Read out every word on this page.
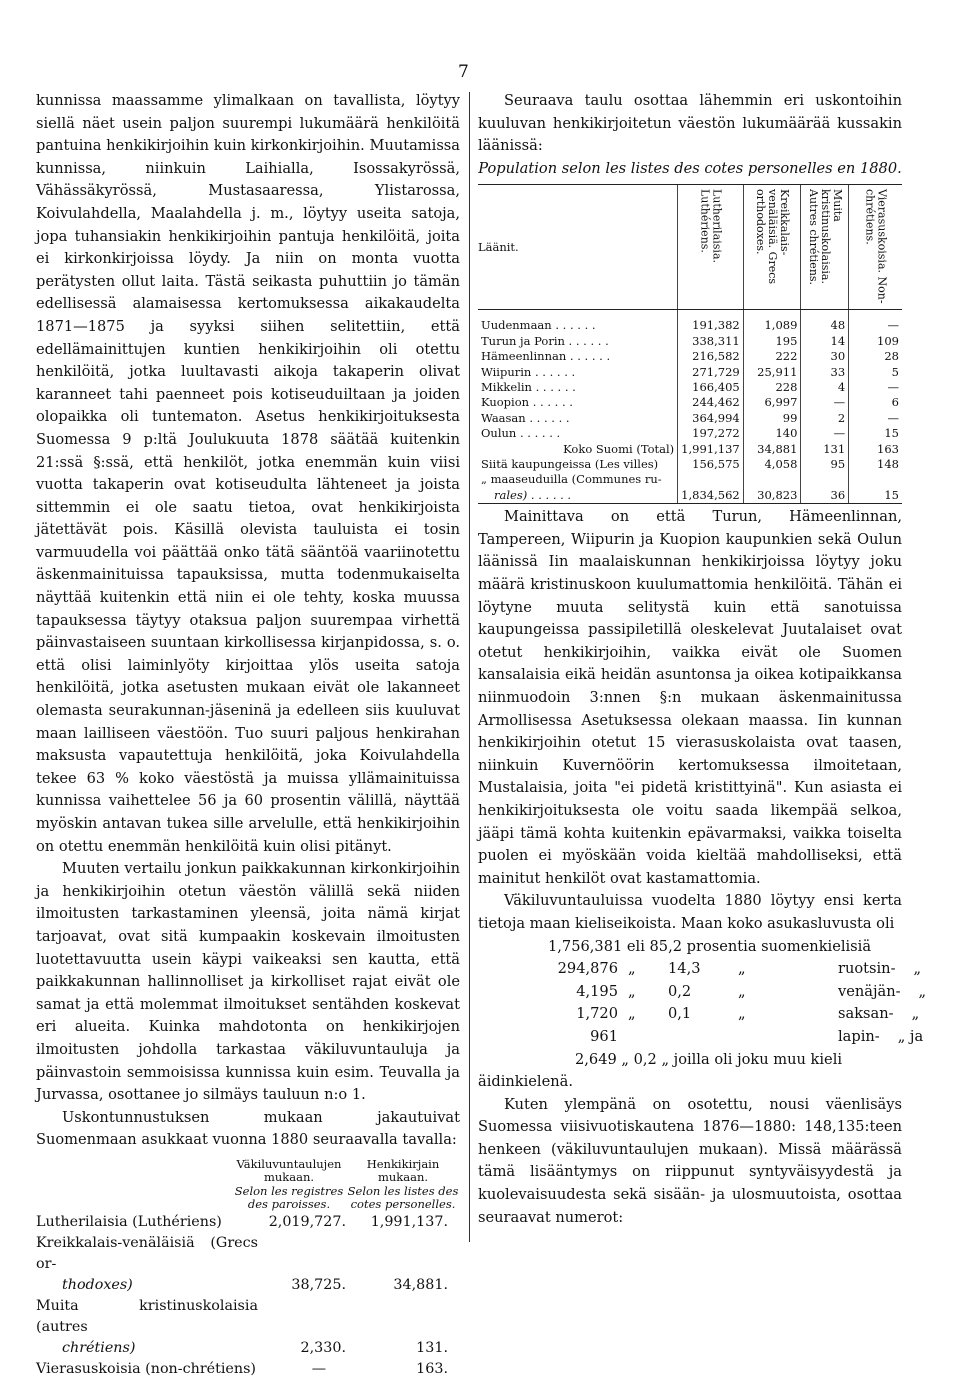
7

kunnissa maassamme ylimalkaan on tavallista, löytyy siellä näet usein paljon suurempi lukumäärä henkilöitä pantuina henkikirjoihin kuin kirkonkirjoihin. Muutamissa kunnissa, niinkuin Laihialla, Isossakyrössä, Vähässäkyrössä, Mustasaaressa, Ylistarossa, Koivulahdella, Maalahdella j. m., löytyy useita satoja, jopa tuhansiakin henkikirjoihin pantuja henkilöitä, joita ei kirkonkirjoissa löydy. Ja niin on monta vuotta perätysten ollut laita. Tästä seikasta puhuttiin jo tämän edellisessä alamaisessa kertomuksessa aikakaudelta 1871—1875 ja syyksi siihen selitettiin, että edellämainittujen kuntien henkikirjoihin oli otettu henkilöitä, jotka luultavasti aikoja takaperin olivat karanneet tahi paenneet pois kotiseuduiltaan ja joiden olopaikka oli tuntematon. Asetus henkikirjoituksesta Suomessa 9 p:ltä Joulukuuta 1878 säätää kuitenkin 21:ssä §:ssä, että henkilöt, jotka enemmän kuin viisi vuotta takaperin ovat kotiseudulta lähteneet ja joista sittemmin ei ole saatu tietoa, ovat henkikirjoista jätettävät pois. Käsillä olevista tauluista ei tosin varmuudella voi päättää onko tätä sääntöä vaariinotettu äskenmainituissa tapauksissa, mutta todenmukaiselta näyttää kuitenkin että niin ei ole tehty, koska muussa tapauksessa täytyy otaksua paljon suurempaa virhettä päinvastaiseen suuntaan kirkollisessa kirjanpidossa, s. o. että olisi laiminlyöty kirjoittaa ylös useita satoja henkilöitä, jotka asetusten mukaan eivät ole lakanneet olemasta seurakunnan-jäseninä ja edelleen siis kuuluvat maan lailliseen väestöön. Tuo suuri paljous henkirahan maksusta vapautettuja henkilöitä, joka Koivulahdella tekee 63 % koko väestöstä ja muissa yllämainituissa kunnissa vaihettelee 56 ja 60 prosentin välillä, näyttää myöskin antavan tukea sille arvelulle, että henkikirjoihin on otettu enemmän henkilöitä kuin olisi pitänyt.

Muuten vertailu jonkun paikkakunnan kirkonkirjoihin ja henkikirjoihin otetun väestön välillä sekä niiden ilmoitusten tarkastaminen yleensä, joita nämä kirjat tarjoavat, ovat sitä kumpaakin koskevain ilmoitusten luotettavuutta usein käypi vaikeaksi sen kautta, että paikkakunnan hallinnolliset ja kirkolliset rajat eivät ole samat ja että molemmat ilmoitukset sentähden koskevat eri alueita. Kuinka mahdotonta on henkikirjojen ilmoitusten johdolla tarkastaa väkiluvuntauluja ja päinvastoin semmoisissa kunnissa kuin esim. Teuvalla ja Jurvassa, osottanee jo silmäys tauluun n:o 1.

Uskontunnustuksen mukaan jakautuivat Suomenmaan asukkaat vuonna 1880 seuraavalla tavalla:

Väkiluvuntaulujen mukaan.
Selon les registres des paroisses.
Henkikirjain mukaan.
Selon les listes des cotes personelles.
Lutherilaisia (Luthériens)	2,019,727.	1,991,137.
Kreikkalais-venäläisiä (Grecs or-
thodoxes)	38,725.	34,881.
Muita kristinuskolaisia (autres
chrétiens)	2,330.	131.
Vierasuskoisia (non-chrétiens)	—	163.

Seuraava taulu osottaa lähemmin eri uskontoihin kuuluvan henkikirjoitetun väestön lukumäärää kussakin läänissä:

Population selon les listes des cotes personelles en 1880.

Läänit.	Lutherilaisia. Luthériens.	Kreikkalais-venäläisiä. Grecs orthodoxes.	Muita kristinuskolaisia. Autres chrétiens.	Vierasuskoisia. Non-chrétiens.

Uudenmaan . . . . . .	191,382	1,089	48	—
Turun ja Porin . . . . . .	338,311	195	14	109
Hämeenlinnan . . . . . .	216,582	222	30	28
Wiipurin . . . . . .	271,729	25,911	33	5
Mikkelin . . . . . .	166,405	228	4	—
Kuopion . . . . . .	244,462	6,997	—	6
Waasan . . . . . .	364,994	99	2	—
Oulun . . . . . .	197,272	140	—	15
Koko Suomi (Total)	1,991,137	34,881	131	163
Siitä kaupungeissa (Les villes)	156,575	4,058	95	148
„ maaseuduilla (Communes ru-				
rales) . . . . . .	1,834,562	30,823	36	15

Mainittava on että Turun, Hämeenlinnan, Tampereen, Wiipurin ja Kuopion kaupunkien sekä Oulun läänissä Iin maalaiskunnan henkikirjoissa löytyy joku määrä kristinuskoon kuulumattomia henkilöitä. Tähän ei löytyne muuta selitystä kuin että sanotuissa kaupungeissa passipiletillä oleskelevat Juutalaiset ovat otetut henkikirjoihin, vaikka eivät ole Suomen kansalaisia eikä heidän asuntonsa ja oikea kotipaikkansa niinmuodoin 3:nnen §:n mukaan äskenmainitussa Armollisessa Asetuksessa olekaan maassa. Iin kunnan henkikirjoihin otetut 15 vierasuskolaista ovat taasen, niinkuin Kuvernöörin kertomuksessa ilmoitetaan, Mustalaisia, joita "ei pidetä kristittyinä". Kun asiasta ei henkikirjoituksesta ole voitu saada likempää selkoa, jääpi tämä kohta kuitenkin epävarmaksi, vaikka toiselta puolen ei myöskään voida kieltää mahdolliseksi, että mainitut henkilöt ovat kastamattomia.

Väkiluvuntauluissa vuodelta 1880 löytyy ensi kerta tietoja maan kieliseikoista. Maan koko asukasluvusta oli

1,756,381 eli 85,2 prosentia suomenkielisiä
294,876 „	14,3	„	ruotsin- „
4,195 „	0,2	„	venäjän- „
1,720 „	0,1	„	saksan- „
961	lapin- „ ja
2,649 „ 0,2 „ joilla oli joku muu kieli
äidinkielenä.

Kuten ylempänä on osotettu, nousi väenlisäys Suomessa viisivuotiskautena 1876—1880: 148,135:teen henkeen (väkiluvuntaulujen mukaan). Missä määrässä tämä lisääntymys on riippunut syntyväisyydestä ja kuolevaisuudesta sekä sisään- ja ulosmuutoista, osottaa seuraavat numerot:
